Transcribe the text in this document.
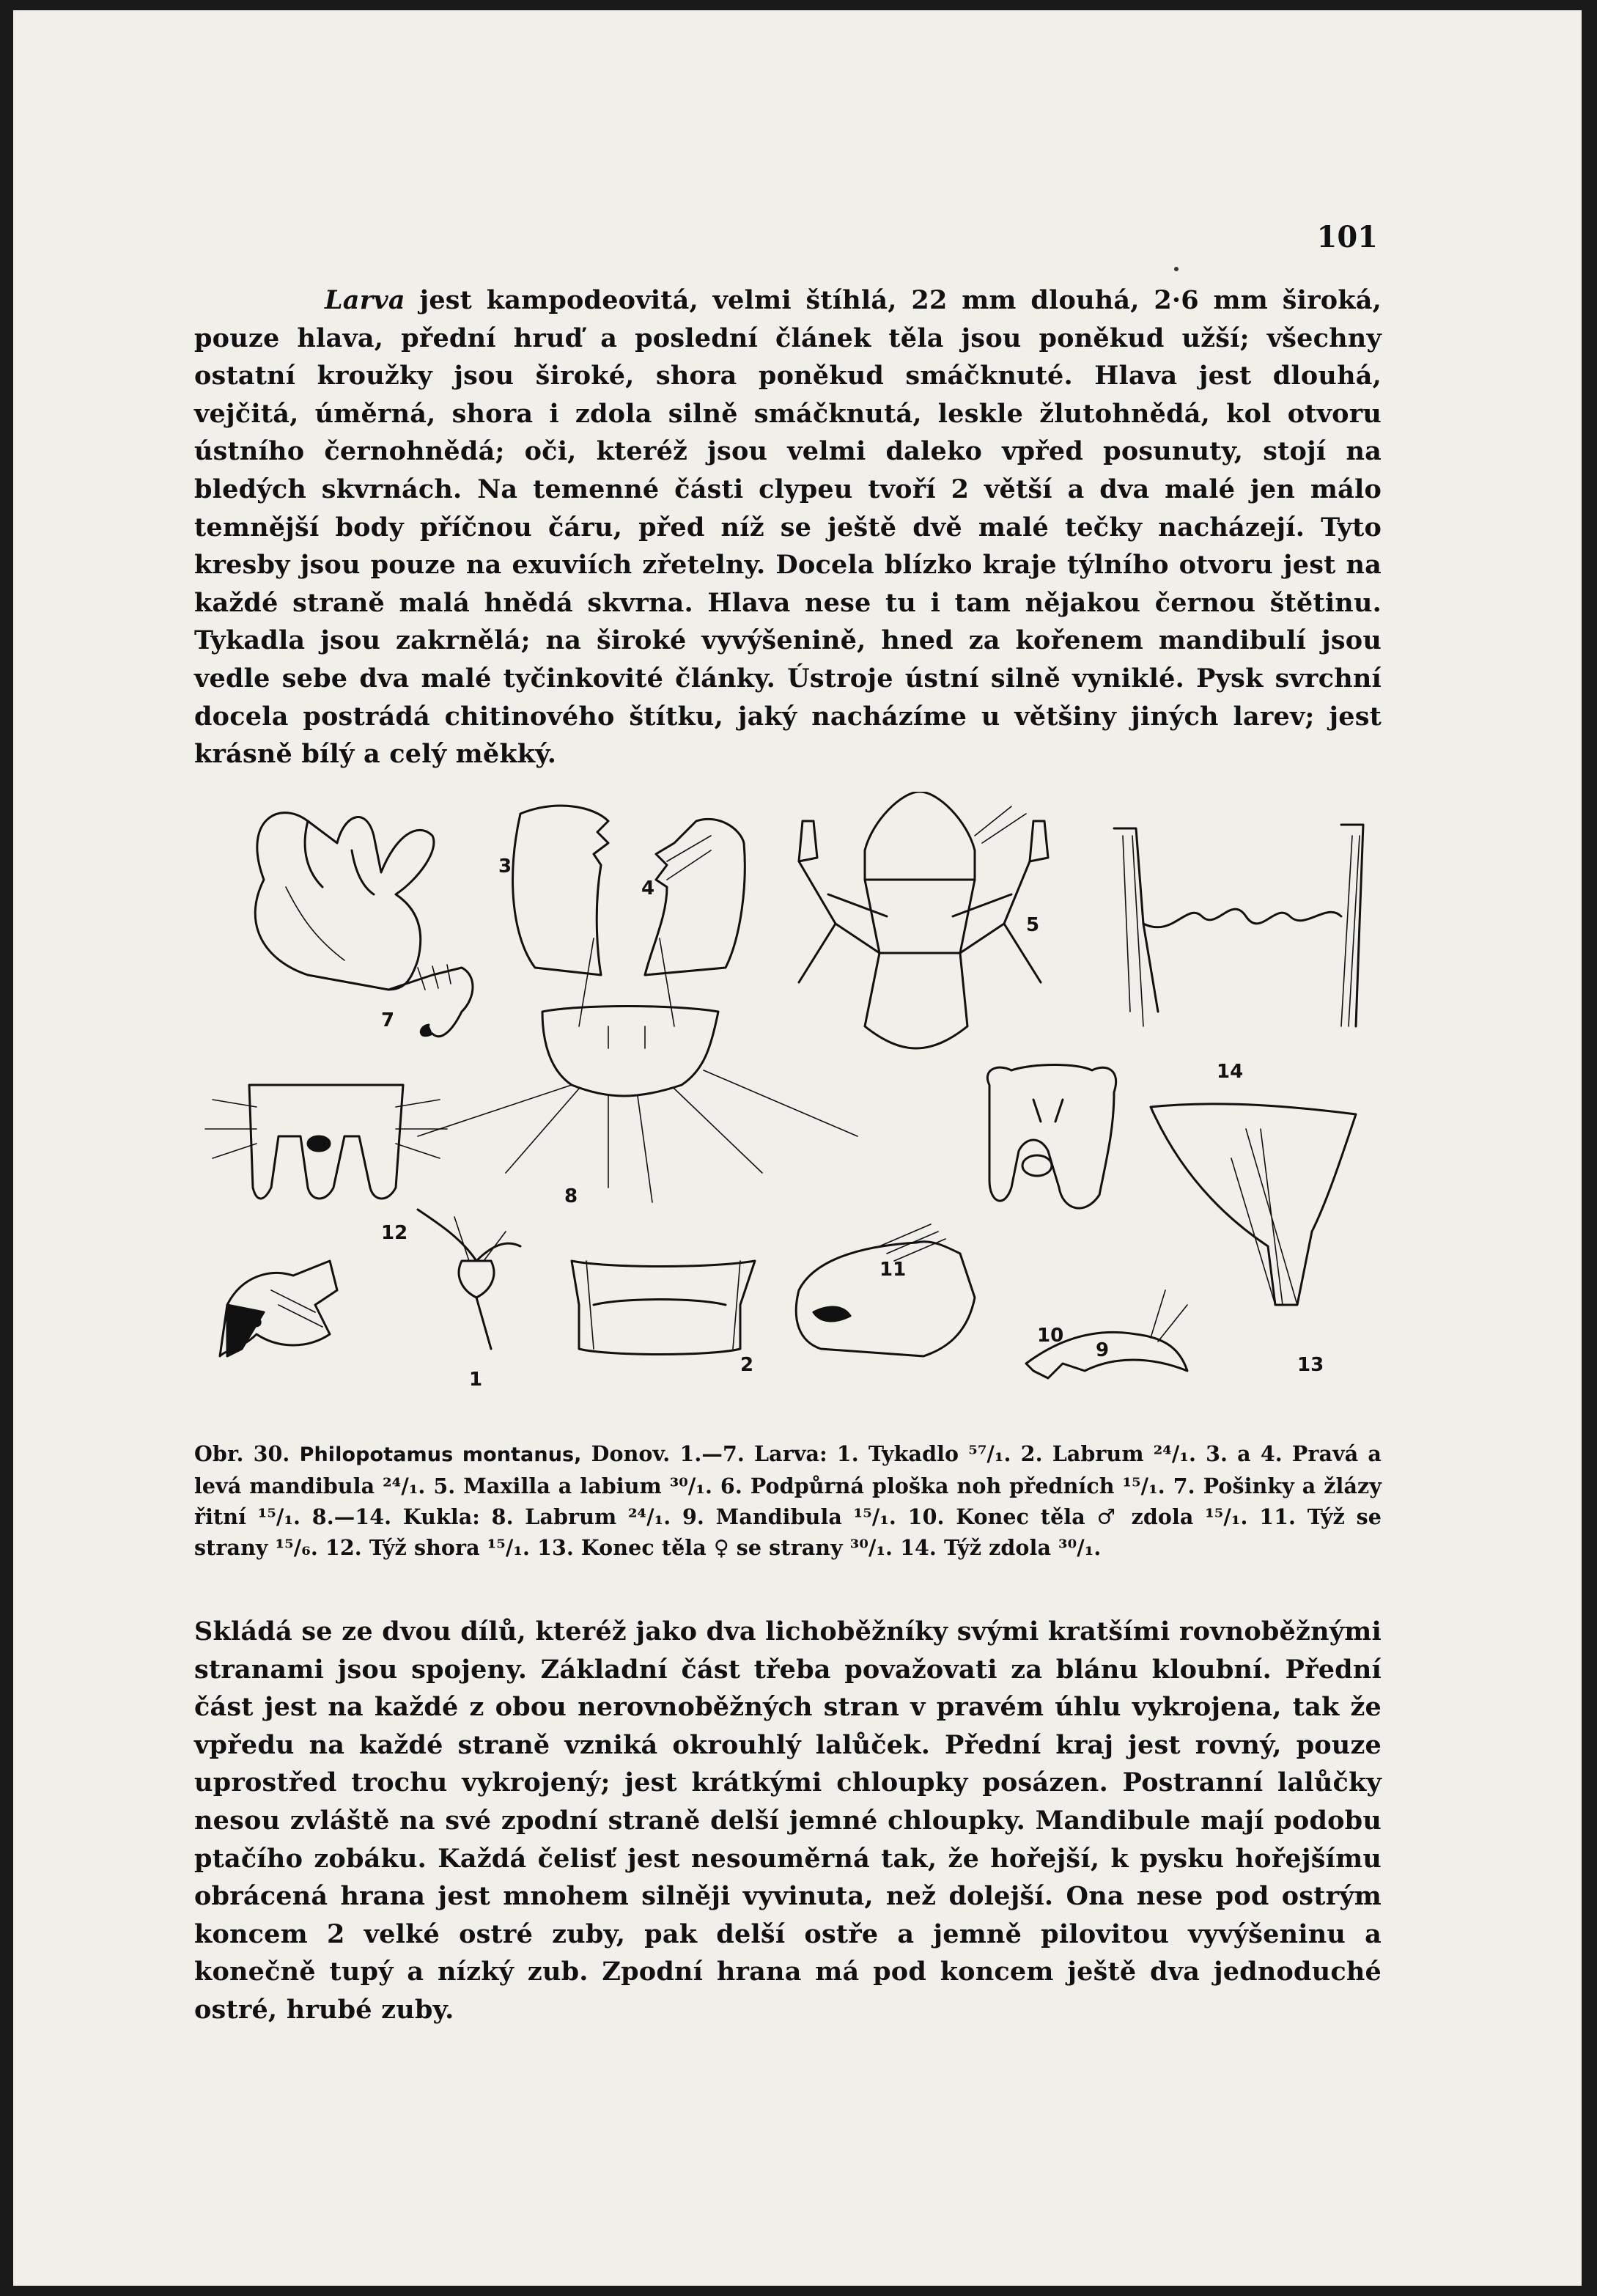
101

Larva jest kampodeovitá, velmi štíhlá, 22 mm dlouhá, 2·6 mm široká, pouze hlava, přední hruď a poslední článek těla jsou poněkud užší; všechny ostatní kroužky jsou široké, shora poněkud smáčknuté. Hlava jest dlouhá, vejčitá, úměrná, shora i zdola silně smáčknutá, leskle žlutohnědá, kol otvoru ústního černohnědá; oči, kteréž jsou velmi daleko vpřed posunuty, stojí na bledých skvrnách. Na temenné části clypeu tvoří 2 větší a dva malé jen málo temnější body příčnou čáru, před níž se ještě dvě malé tečky nacházejí. Tyto kresby jsou pouze na exuviích zřetelny. Docela blízko kraje týlního otvoru jest na každé straně malá hnědá skvrna. Hlava nese tu i tam nějakou černou štětinu. Tykadla jsou zakrnělá; na široké vyvýšenině, hned za kořenem mandibulí jsou vedle sebe dva malé tyčinkovité články. Ústroje ústní silně vyniklé. Pysk svrchní docela postrádá chitinového štítku, jaký nacházíme u většiny jiných larev; jest krásně bílý a celý měkký.

7
3
4
5
14
8
12
6
1
2
11
10
9
13

Obr. 30. Philopotamus montanus, Donov. 1.—7. Larva: 1. Tykadlo ⁵⁷/₁. 2. Labrum ²⁴/₁. 3. a 4. Pravá a levá mandibula ²⁴/₁. 5. Maxilla a labium ³⁰/₁. 6. Podpůrná ploška noh předních ¹⁵/₁. 7. Pošinky a žlázy řitní ¹⁵/₁. 8.—14. Kukla: 8. Labrum ²⁴/₁. 9. Mandibula ¹⁵/₁. 10. Konec těla ♂ zdola ¹⁵/₁. 11. Týž se strany ¹⁵/₆. 12. Týž shora ¹⁵/₁. 13. Konec těla ♀ se strany ³⁰/₁. 14. Týž zdola ³⁰/₁.

Skládá se ze dvou dílů, kteréž jako dva lichoběžníky svými kratšími rovnoběžnými stranami jsou spojeny. Základní část třeba považovati za blánu kloubní. Přední část jest na každé z obou nerovnoběžných stran v pravém úhlu vykrojena, tak že vpředu na každé straně vzniká okrouhlý lalůček. Přední kraj jest rovný, pouze uprostřed trochu vykrojený; jest krátkými chloupky posázen. Postranní lalůčky nesou zvláště na své zpodní straně delší jemné chloupky. Mandibule mají podobu ptačího zobáku. Každá čelisť jest nesouměrná tak, že hořejší, k pysku hořejšímu obrácená hrana jest mnohem silněji vyvinuta, než dolejší. Ona nese pod ostrým koncem 2 velké ostré zuby, pak delší ostře a jemně pilovitou vyvýšeninu a konečně tupý a nízký zub. Zpodní hrana má pod koncem ještě dva jednoduché ostré, hrubé zuby.
